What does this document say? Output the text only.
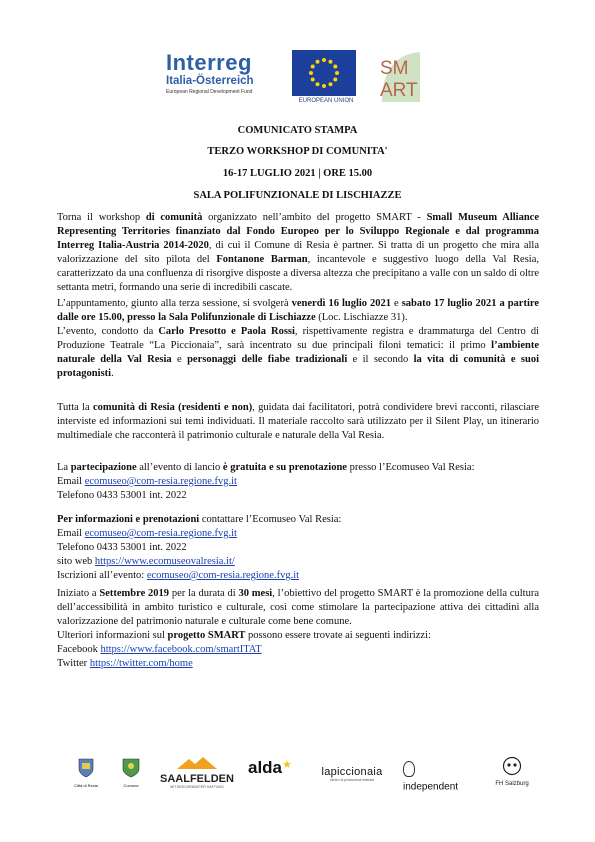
Interreg
Italia-Österreich
European Regional Development Fund
EUROPEAN UNION
SM
ART
COMUNICATO STAMPA
TERZO WORKSHOP DI COMUNITA'
16-17 LUGLIO 2021 | ORE 15.00
SALA POLIFUNZIONALE DI LISCHIAZZE
Torna il workshop di comunità organizzato nell’ambito del progetto SMART - Small Museum Alliance Representing Territories finanziato dal Fondo Europeo per lo Sviluppo Regionale e dal programma Interreg Italia-Austria 2014-2020, di cui il Comune di Resia è partner. Si tratta di un progetto che mira alla valorizzazione del sito pilota del Fontanone Barman, incantevole e suggestivo luogo della Val Resia, caratterizzato da una confluenza di risorgive disposte a diversa altezza che precipitano a valle con un saldo di oltre settanta metri, formando una serie di incredibili cascate.
L’appuntamento, giunto alla terza sessione, si svolgerà venerdì 16 luglio 2021 e sabato 17 luglio 2021 a partire dalle ore 15.00, presso la Sala Polifunzionale di Lischiazze (Loc. Lischiazze 31).
L’evento, condotto da Carlo Presotto e Paola Rossi, rispettivamente registra e drammaturga del Centro di Produzione Teatrale “La Piccionaia”, sarà incentrato su due principali filoni tematici: il primo l’ambiente naturale della Val Resia e personaggi delle fiabe tradizionali e il secondo la vita di comunità e suoi protagonisti.
Tutta la comunità di Resia (residenti e non), guidata dai facilitatori, potrà condividere brevi racconti, rilasciare interviste ed informazioni sui temi individuati. Il materiale raccolto sarà utilizzato per il Silent Play, un itinerario multimediale che racconterà il patrimonio culturale e naturale della Val Resia.
La partecipazione all’evento di lancio è gratuita e su prenotazione presso l’Ecomuseo Val Resia:
Email ecomuseo@com-resia.regione.fvg.it
Telefono 0433 53001 int. 2022
Per informazioni e prenotazioni contattare l’Ecomuseo Val Resia:
Email ecomuseo@com-resia.regione.fvg.it
Telefono 0433 53001 int. 2022
sito web https://www.ecomuseovalresia.it/
Iscrizioni all’evento: ecomuseo@com-resia.regione.fvg.it
Iniziato a Settembre 2019 per la durata di 30 mesi, l’obiettivo del progetto SMART è la promozione della cultura dell’accessibilità in ambito turistico e culturale, così come stimolare la partecipazione attiva dei cittadini alla valorizzazione del patrimonio naturale e culturale come bene comune.
Ulteriori informazioni sul progetto SMART possono essere trovate ai seguenti indirizzi:
Facebook https://www.facebook.com/smartITAT
Twitter https://twitter.com/home
Città di Resia	Comune
SAALFELDEN
MIT BESCHRÄNKTER HAFTUNG
alda★
lapiccionaia
centro di produzione teatrale
independent	FH Salzburg
